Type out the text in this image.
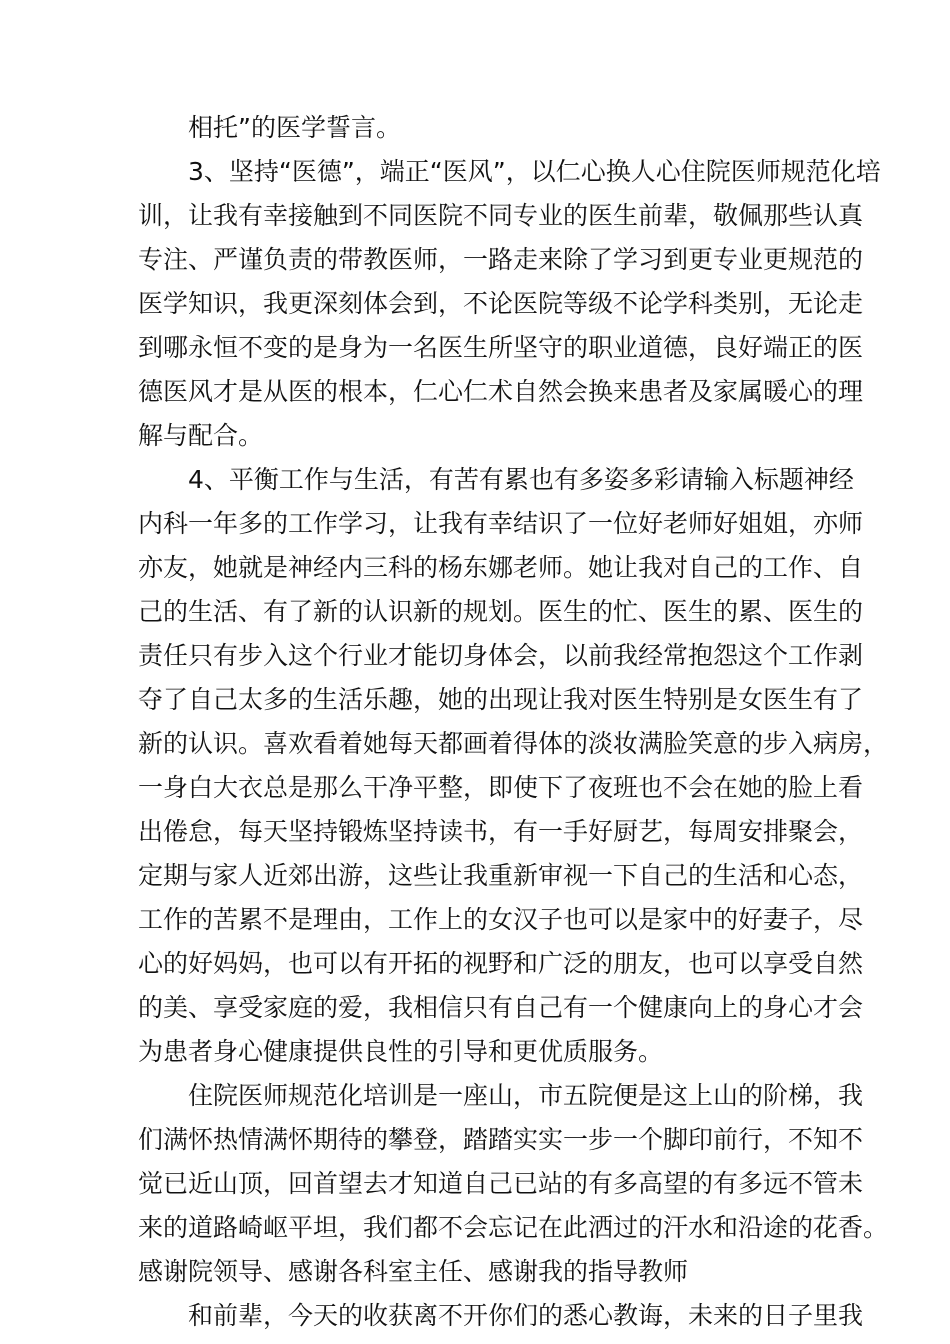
相托”的医学誓言。
3、坚持“医德”，端正“医风”，以仁心换人心住院医师规范化培
训，让我有幸接触到不同医院不同专业的医生前辈，敬佩那些认真
专注、严谨负责的带教医师，一路走来除了学习到更专业更规范的
医学知识，我更深刻体会到，不论医院等级不论学科类别，无论走
到哪永恒不变的是身为一名医生所坚守的职业道德，良好端正的医
德医风才是从医的根本，仁心仁术自然会换来患者及家属暖心的理
解与配合。
4、平衡工作与生活，有苦有累也有多姿多彩请输入标题神经
内科一年多的工作学习，让我有幸结识了一位好老师好姐姐，亦师
亦友，她就是神经内三科的杨东娜老师。她让我对自己的工作、自
己的生活、有了新的认识新的规划。医生的忙、医生的累、医生的
责任只有步入这个行业才能切身体会，以前我经常抱怨这个工作剥
夺了自己太多的生活乐趣，她的出现让我对医生特别是女医生有了
新的认识。喜欢看着她每天都画着得体的淡妆满脸笑意的步入病房，
一身白大衣总是那么干净平整，即使下了夜班也不会在她的脸上看
出倦怠，每天坚持锻炼坚持读书，有一手好厨艺，每周安排聚会，
定期与家人近郊出游，这些让我重新审视一下自己的生活和心态，
工作的苦累不是理由，工作上的女汉子也可以是家中的好妻子，尽
心的好妈妈，也可以有开拓的视野和广泛的朋友，也可以享受自然
的美、享受家庭的爱，我相信只有自己有一个健康向上的身心才会
为患者身心健康提供良性的引导和更优质服务。
住院医师规范化培训是一座山，市五院便是这上山的阶梯，我
们满怀热情满怀期待的攀登，踏踏实实一步一个脚印前行，不知不
觉已近山顶，回首望去才知道自己已站的有多高望的有多远不管未
来的道路崎岖平坦，我们都不会忘记在此洒过的汗水和沿途的花香。
感谢院领导、感谢各科室主任、感谢我的指导教师
和前辈，今天的收获离不开你们的悉心教诲，未来的日子里我
